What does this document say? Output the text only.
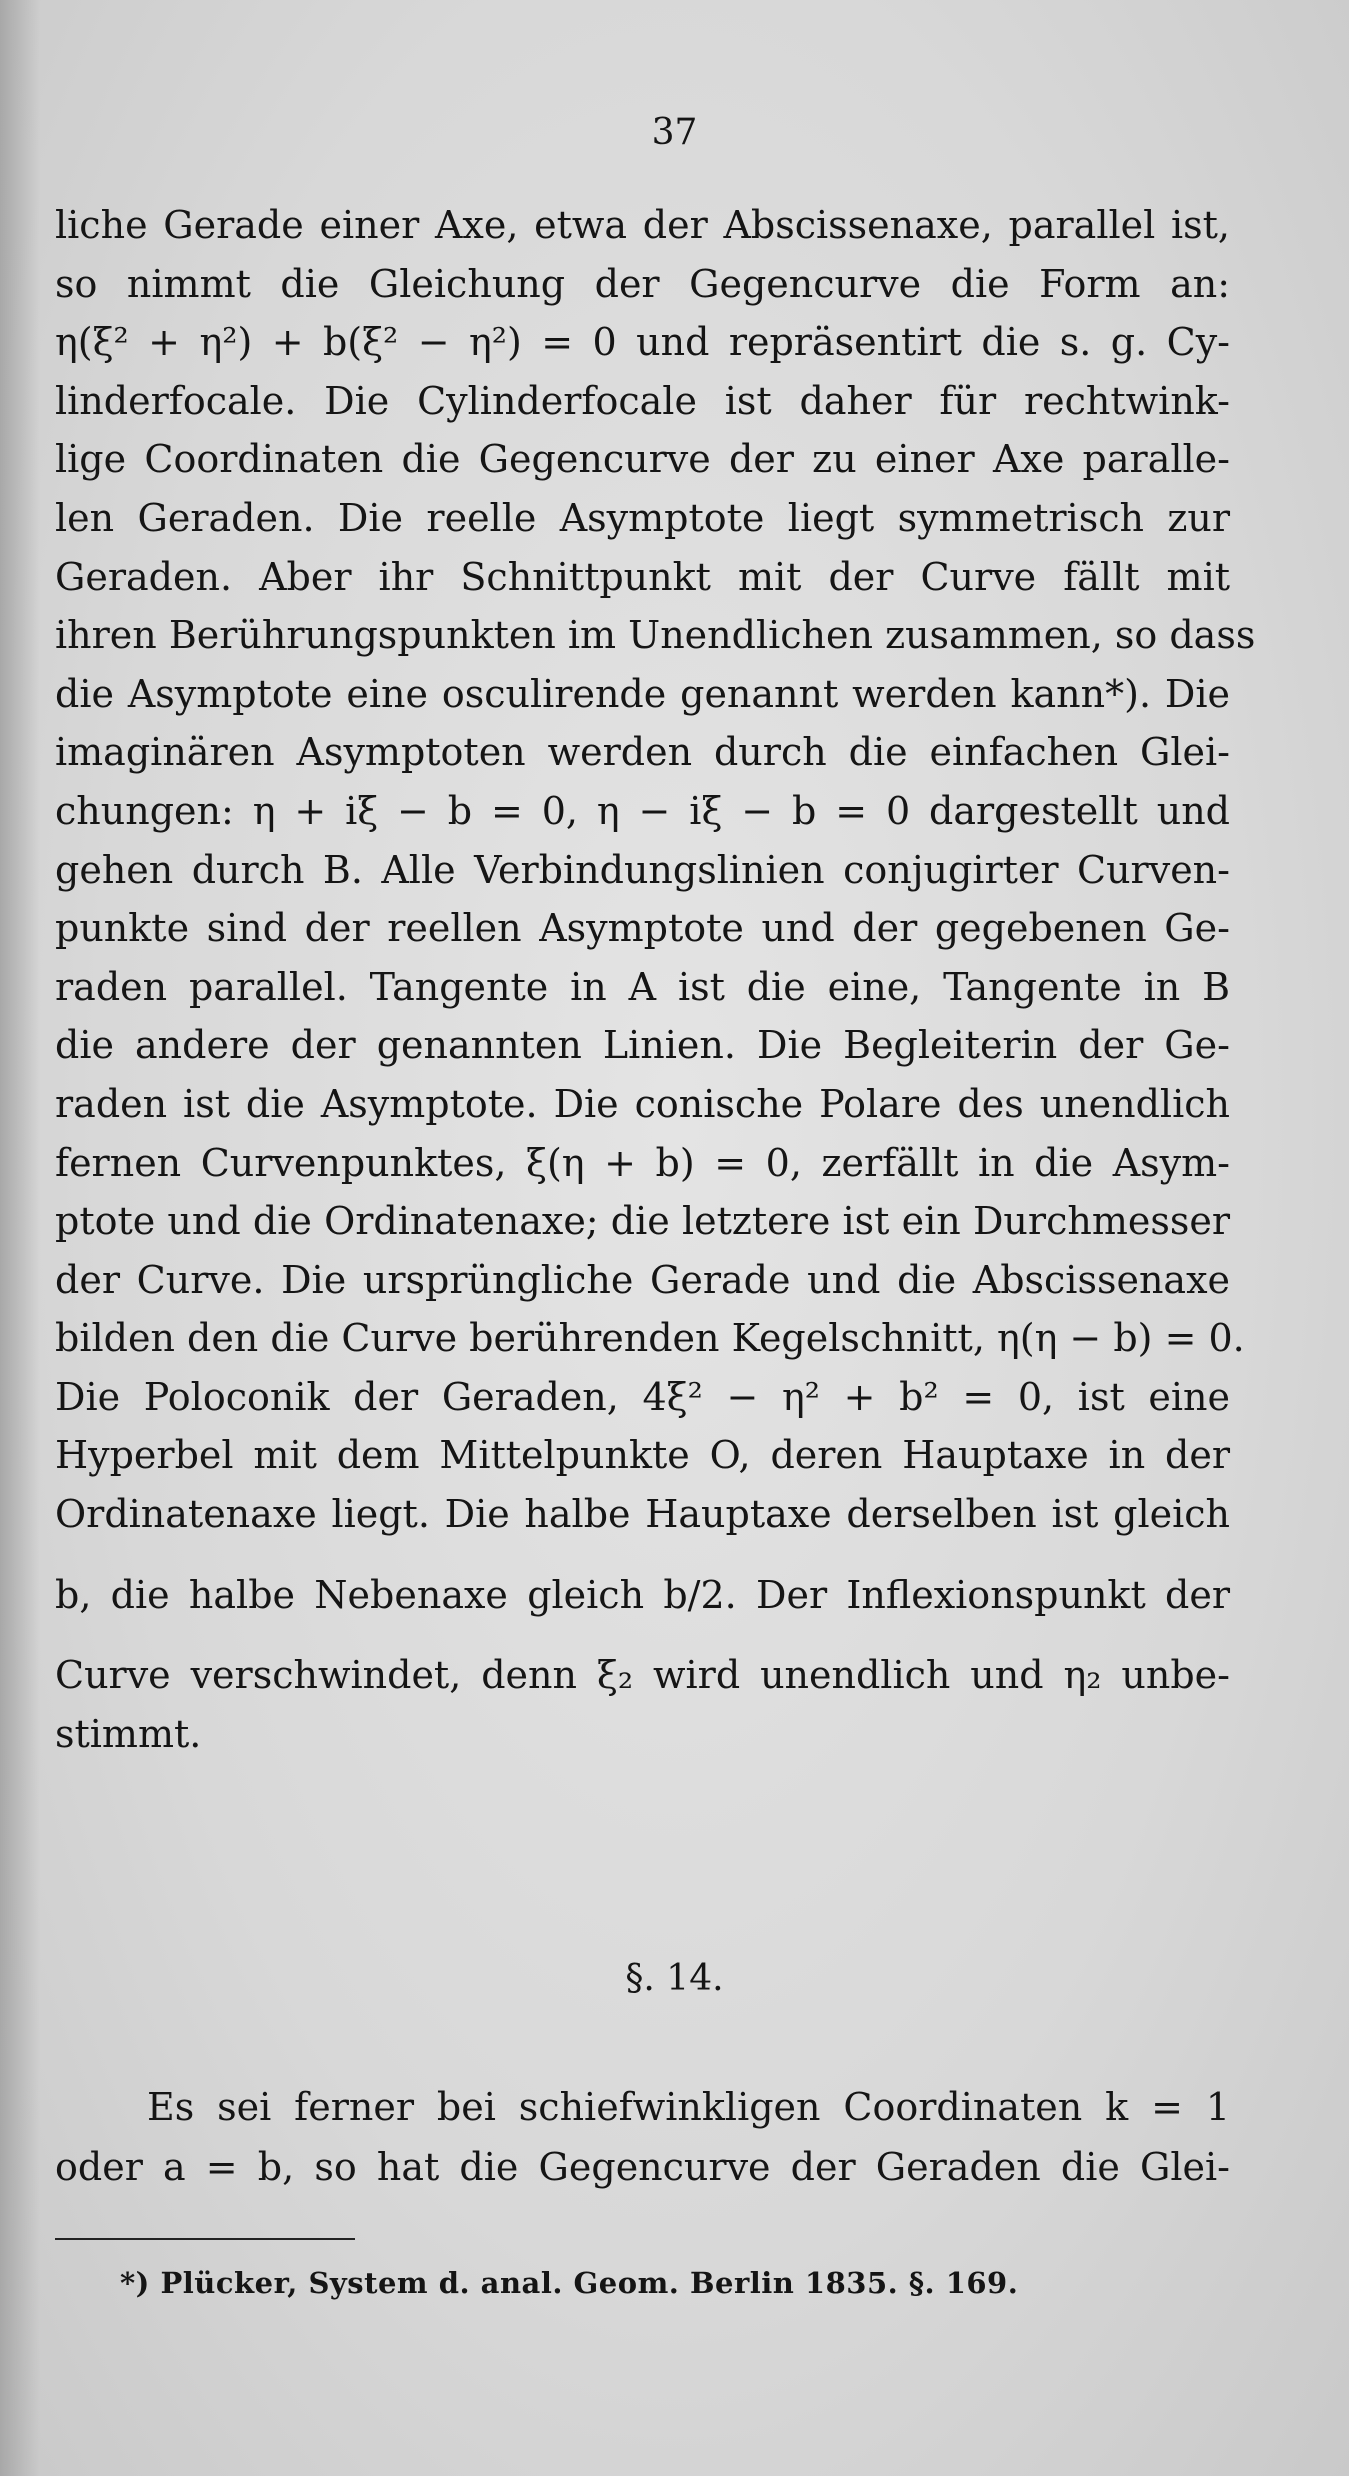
37
liche Gerade einer Axe, etwa der Abscissenaxe, parallel ist,
so nimmt die Gleichung der Gegencurve die Form an:
η(ξ² + η²) + b(ξ² − η²) = 0 und repräsentirt die s. g. Cy-
linderfocale. Die Cylinderfocale ist daher für rechtwink-
lige Coordinaten die Gegencurve der zu einer Axe paralle-
len Geraden. Die reelle Asymptote liegt symmetrisch zur
Geraden. Aber ihr Schnittpunkt mit der Curve fällt mit
ihren Berührungspunkten im Unendlichen zusammen, so dass
die Asymptote eine osculirende genannt werden kann*). Die
imaginären Asymptoten werden durch die einfachen Glei-
chungen: η + iξ − b = 0, η − iξ − b = 0 dargestellt und
gehen durch B. Alle Verbindungslinien conjugirter Curven-
punkte sind der reellen Asymptote und der gegebenen Ge-
raden parallel. Tangente in A ist die eine, Tangente in B
die andere der genannten Linien. Die Begleiterin der Ge-
raden ist die Asymptote. Die conische Polare des unendlich
fernen Curvenpunktes, ξ(η + b) = 0, zerfällt in die Asym-
ptote und die Ordinatenaxe; die letztere ist ein Durchmesser
der Curve. Die ursprüngliche Gerade und die Abscissenaxe
bilden den die Curve berührenden Kegelschnitt, η(η − b) = 0.
Die Poloconik der Geraden, 4ξ² − η² + b² = 0, ist eine
Hyperbel mit dem Mittelpunkte O, deren Hauptaxe in der
Ordinatenaxe liegt. Die halbe Hauptaxe derselben ist gleich
b, die halbe Nebenaxe gleich b/2. Der Inflexionspunkt der
Curve verschwindet, denn ξ₂ wird unendlich und η₂ unbe-
stimmt.
§. 14.
Es sei ferner bei schiefwinkligen Coordinaten k = 1
oder a = b, so hat die Gegencurve der Geraden die Glei-
*) Plücker, System d. anal. Geom. Berlin 1835. §. 169.
